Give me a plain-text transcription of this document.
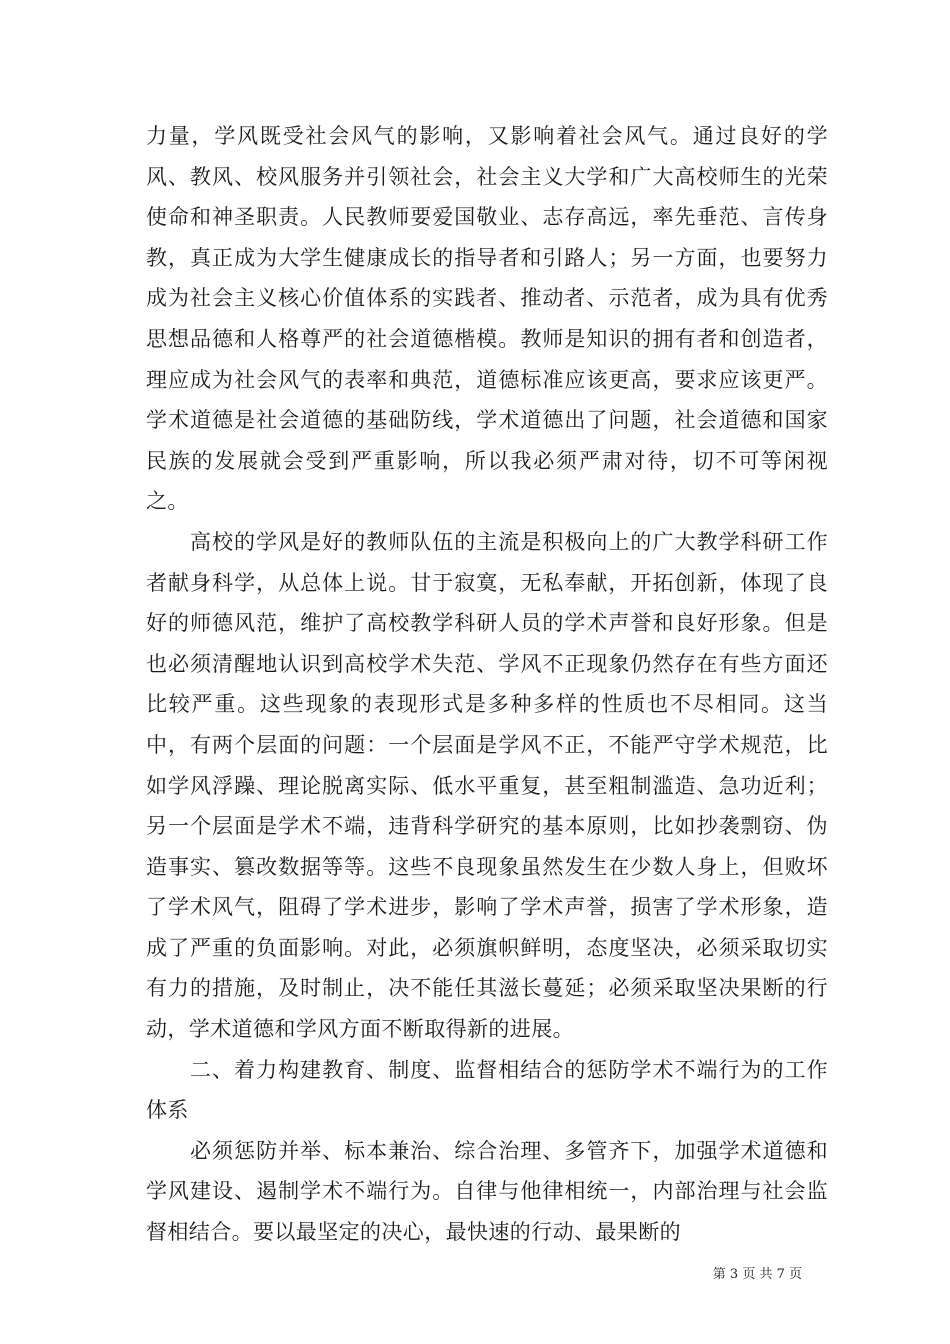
力量，学风既受社会风气的影响，又影响着社会风气。通过良好的学风、教风、校风服务并引领社会，社会主义大学和广大高校师生的光荣使命和神圣职责。人民教师要爱国敬业、志存高远，率先垂范、言传身教，真正成为大学生健康成长的指导者和引路人；另一方面，也要努力成为社会主义核心价值体系的实践者、推动者、示范者，成为具有优秀思想品德和人格尊严的社会道德楷模。教师是知识的拥有者和创造者，理应成为社会风气的表率和典范，道德标准应该更高，要求应该更严。学术道德是社会道德的基础防线，学术道德出了问题，社会道德和国家民族的发展就会受到严重影响，所以我必须严肃对待，切不可等闲视之。

高校的学风是好的教师队伍的主流是积极向上的广大教学科研工作者献身科学，从总体上说。甘于寂寞，无私奉献，开拓创新，体现了良好的师德风范，维护了高校教学科研人员的学术声誉和良好形象。但是也必须清醒地认识到高校学术失范、学风不正现象仍然存在有些方面还比较严重。这些现象的表现形式是多种多样的性质也不尽相同。这当中，有两个层面的问题：一个层面是学风不正，不能严守学术规范，比如学风浮躁、理论脱离实际、低水平重复，甚至粗制滥造、急功近利；另一个层面是学术不端，违背科学研究的基本原则，比如抄袭剽窃、伪造事实、篡改数据等等。这些不良现象虽然发生在少数人身上，但败坏了学术风气，阻碍了学术进步，影响了学术声誉，损害了学术形象，造成了严重的负面影响。对此，必须旗帜鲜明，态度坚决，必须采取切实有力的措施，及时制止，决不能任其滋长蔓延；必须采取坚决果断的行动，学术道德和学风方面不断取得新的进展。

二、着力构建教育、制度、监督相结合的惩防学术不端行为的工作体系

必须惩防并举、标本兼治、综合治理、多管齐下，加强学术道德和学风建设、遏制学术不端行为。自律与他律相统一，内部治理与社会监督相结合。要以最坚定的决心，最快速的行动、最果断的

第 3 页 共 7 页
